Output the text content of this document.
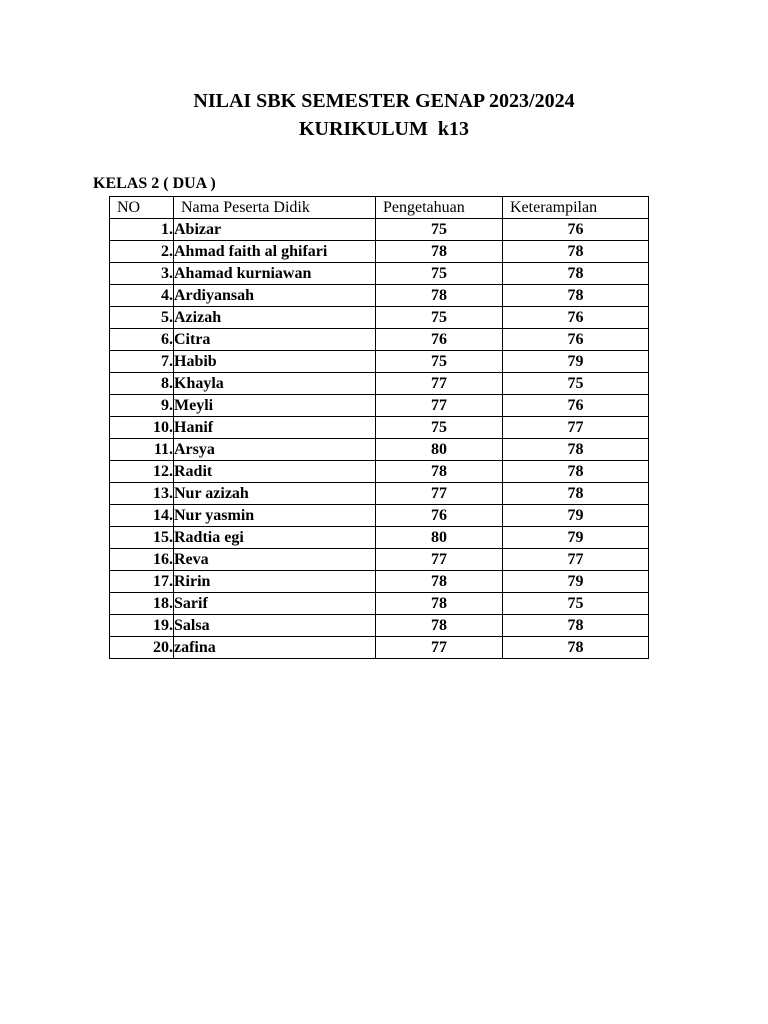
NILAI SBK SEMESTER GENAP 2023/2024
KURIKULUM  k13
KELAS 2 ( DUA )
NO	Nama Peserta Didik	Pengetahuan	Keterampilan
1.	Abizar	75	76
2.	Ahmad faith al ghifari	78	78
3.	Ahamad kurniawan	75	78
4.	Ardiyansah	78	78
5.	Azizah	75	76
6.	Citra	76	76
7.	Habib	75	79
8.	Khayla	77	75
9.	Meyli	77	76
10.	Hanif	75	77
11.	Arsya	80	78
12.	Radit	78	78
13.	Nur azizah	77	78
14.	Nur yasmin	76	79
15.	Radtia egi	80	79
16.	Reva	77	77
17.	Ririn	78	79
18.	Sarif	78	75
19.	Salsa	78	78
20.	zafina	77	78
